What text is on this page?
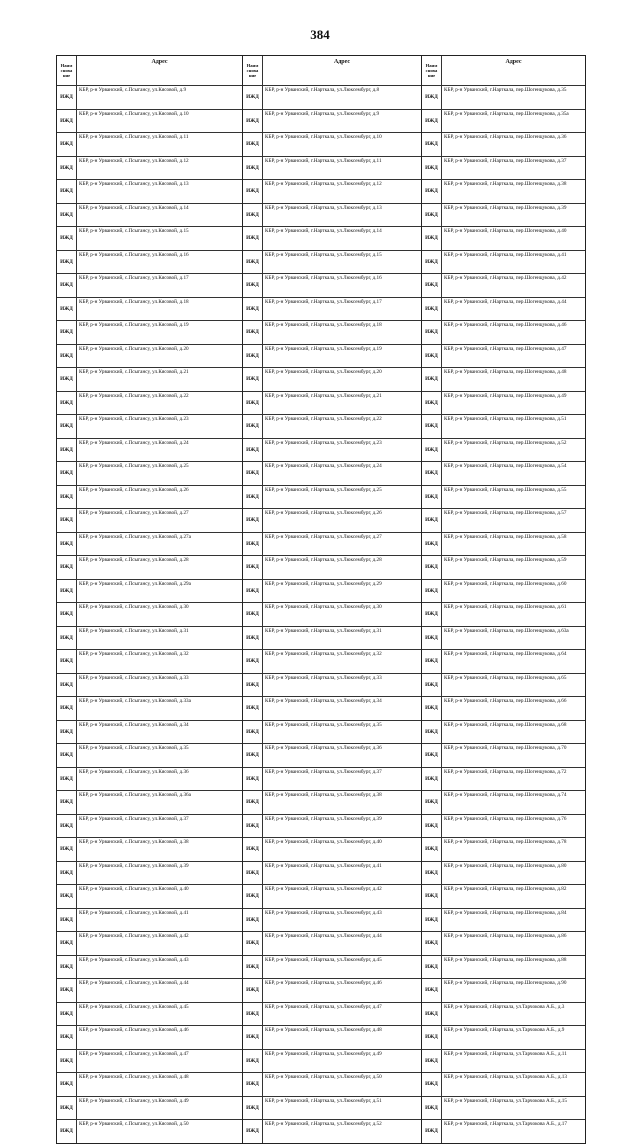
384
Наим снова ние
Адрес
ИЖД
КБР, р-н Урванский, с.Псыгансу, ул.Кясовой, д.9
ИЖД
КБР, р-н Урванский, с.Псыгансу, ул.Кясовой, д.10
ИЖД
КБР, р-н Урванский, с.Псыгансу, ул.Кясовой, д.11
ИЖД
КБР, р-н Урванский, с.Псыгансу, ул.Кясовой, д.12
ИЖД
КБР, р-н Урванский, с.Псыгансу, ул.Кясовой, д.13
ИЖД
КБР, р-н Урванский, с.Псыгансу, ул.Кясовой, д.14
ИЖД
КБР, р-н Урванский, с.Псыгансу, ул.Кясовой, д.15
ИЖД
КБР, р-н Урванский, с.Псыгансу, ул.Кясовой, д.16
ИЖД
КБР, р-н Урванский, с.Псыгансу, ул.Кясовой, д.17
ИЖД
КБР, р-н Урванский, с.Псыгансу, ул.Кясовой, д.18
ИЖД
КБР, р-н Урванский, с.Псыгансу, ул.Кясовой, д.19
ИЖД
КБР, р-н Урванский, с.Псыгансу, ул.Кясовой, д.20
ИЖД
КБР, р-н Урванский, с.Псыгансу, ул.Кясовой, д.21
ИЖД
КБР, р-н Урванский, с.Псыгансу, ул.Кясовой, д.22
ИЖД
КБР, р-н Урванский, с.Псыгансу, ул.Кясовой, д.23
ИЖД
КБР, р-н Урванский, с.Псыгансу, ул.Кясовой, д.24
ИЖД
КБР, р-н Урванский, с.Псыгансу, ул.Кясовой, д.25
ИЖД
КБР, р-н Урванский, с.Псыгансу, ул.Кясовой, д.26
ИЖД
КБР, р-н Урванский, с.Псыгансу, ул.Кясовой, д.27
ИЖД
КБР, р-н Урванский, с.Псыгансу, ул.Кясовой, д.27а
ИЖД
КБР, р-н Урванский, с.Псыгансу, ул.Кясовой, д.28
ИЖД
КБР, р-н Урванский, с.Псыгансу, ул.Кясовой, д.29а
ИЖД
КБР, р-н Урванский, с.Псыгансу, ул.Кясовой, д.30
ИЖД
КБР, р-н Урванский, с.Псыгансу, ул.Кясовой, д.31
ИЖД
КБР, р-н Урванский, с.Псыгансу, ул.Кясовой, д.32
ИЖД
КБР, р-н Урванский, с.Псыгансу, ул.Кясовой, д.33
ИЖД
КБР, р-н Урванский, с.Псыгансу, ул.Кясовой, д.33а
ИЖД
КБР, р-н Урванский, с.Псыгансу, ул.Кясовой, д.34
ИЖД
КБР, р-н Урванский, с.Псыгансу, ул.Кясовой, д.35
ИЖД
КБР, р-н Урванский, с.Псыгансу, ул.Кясовой, д.36
ИЖД
КБР, р-н Урванский, с.Псыгансу, ул.Кясовой, д.36а
ИЖД
КБР, р-н Урванский, с.Псыгансу, ул.Кясовой, д.37
ИЖД
КБР, р-н Урванский, с.Псыгансу, ул.Кясовой, д.38
ИЖД
КБР, р-н Урванский, с.Псыгансу, ул.Кясовой, д.39
ИЖД
КБР, р-н Урванский, с.Псыгансу, ул.Кясовой, д.40
ИЖД
КБР, р-н Урванский, с.Псыгансу, ул.Кясовой, д.41
ИЖД
КБР, р-н Урванский, с.Псыгансу, ул.Кясовой, д.42
ИЖД
КБР, р-н Урванский, с.Псыгансу, ул.Кясовой, д.43
ИЖД
КБР, р-н Урванский, с.Псыгансу, ул.Кясовой, д.44
ИЖД
КБР, р-н Урванский, с.Псыгансу, ул.Кясовой, д.45
ИЖД
КБР, р-н Урванский, с.Псыгансу, ул.Кясовой, д.46
ИЖД
КБР, р-н Урванский, с.Псыгансу, ул.Кясовой, д.47
ИЖД
КБР, р-н Урванский, с.Псыгансу, ул.Кясовой, д.48
ИЖД
КБР, р-н Урванский, с.Псыгансу, ул.Кясовой, д.49
ИЖД
КБР, р-н Урванский, с.Псыгансу, ул.Кясовой, д.50
Наим снова ние
Адрес
ИЖД
КБР, р-н Урванский, г.Нарткала, ул.Люксембург, д.8
ИЖД
КБР, р-н Урванский, г.Нарткала, ул.Люксембург, д.9
ИЖД
КБР, р-н Урванский, г.Нарткала, ул.Люксембург, д.10
ИЖД
КБР, р-н Урванский, г.Нарткала, ул.Люксембург, д.11
ИЖД
КБР, р-н Урванский, г.Нарткала, ул.Люксембург, д.12
ИЖД
КБР, р-н Урванский, г.Нарткала, ул.Люксембург, д.13
ИЖД
КБР, р-н Урванский, г.Нарткала, ул.Люксембург, д.14
ИЖД
КБР, р-н Урванский, г.Нарткала, ул.Люксембург, д.15
ИЖД
КБР, р-н Урванский, г.Нарткала, ул.Люксембург, д.16
ИЖД
КБР, р-н Урванский, г.Нарткала, ул.Люксембург, д.17
ИЖД
КБР, р-н Урванский, г.Нарткала, ул.Люксембург, д.18
ИЖД
КБР, р-н Урванский, г.Нарткала, ул.Люксембург, д.19
ИЖД
КБР, р-н Урванский, г.Нарткала, ул.Люксембург, д.20
ИЖД
КБР, р-н Урванский, г.Нарткала, ул.Люксембург, д.21
ИЖД
КБР, р-н Урванский, г.Нарткала, ул.Люксембург, д.22
ИЖД
КБР, р-н Урванский, г.Нарткала, ул.Люксембург, д.23
ИЖД
КБР, р-н Урванский, г.Нарткала, ул.Люксембург, д.24
ИЖД
КБР, р-н Урванский, г.Нарткала, ул.Люксембург, д.25
ИЖД
КБР, р-н Урванский, г.Нарткала, ул.Люксембург, д.26
ИЖД
КБР, р-н Урванский, г.Нарткала, ул.Люксембург, д.27
ИЖД
КБР, р-н Урванский, г.Нарткала, ул.Люксембург, д.28
ИЖД
КБР, р-н Урванский, г.Нарткала, ул.Люксембург, д.29
ИЖД
КБР, р-н Урванский, г.Нарткала, ул.Люксембург, д.30
ИЖД
КБР, р-н Урванский, г.Нарткала, ул.Люксембург, д.31
ИЖД
КБР, р-н Урванский, г.Нарткала, ул.Люксембург, д.32
ИЖД
КБР, р-н Урванский, г.Нарткала, ул.Люксембург, д.33
ИЖД
КБР, р-н Урванский, г.Нарткала, ул.Люксембург, д.34
ИЖД
КБР, р-н Урванский, г.Нарткала, ул.Люксембург, д.35
ИЖД
КБР, р-н Урванский, г.Нарткала, ул.Люксембург, д.36
ИЖД
КБР, р-н Урванский, г.Нарткала, ул.Люксембург, д.37
ИЖД
КБР, р-н Урванский, г.Нарткала, ул.Люксембург, д.38
ИЖД
КБР, р-н Урванский, г.Нарткала, ул.Люксембург, д.39
ИЖД
КБР, р-н Урванский, г.Нарткала, ул.Люксембург, д.40
ИЖД
КБР, р-н Урванский, г.Нарткала, ул.Люксембург, д.41
ИЖД
КБР, р-н Урванский, г.Нарткала, ул.Люксембург, д.42
ИЖД
КБР, р-н Урванский, г.Нарткала, ул.Люксембург, д.43
ИЖД
КБР, р-н Урванский, г.Нарткала, ул.Люксембург, д.44
ИЖД
КБР, р-н Урванский, г.Нарткала, ул.Люксембург, д.45
ИЖД
КБР, р-н Урванский, г.Нарткала, ул.Люксембург, д.46
ИЖД
КБР, р-н Урванский, г.Нарткала, ул.Люксембург, д.47
ИЖД
КБР, р-н Урванский, г.Нарткала, ул.Люксембург, д.48
ИЖД
КБР, р-н Урванский, г.Нарткала, ул.Люксембург, д.49
ИЖД
КБР, р-н Урванский, г.Нарткала, ул.Люксембург, д.50
ИЖД
КБР, р-н Урванский, г.Нарткала, ул.Люксембург, д.51
ИЖД
КБР, р-н Урванский, г.Нарткала, ул.Люксембург, д.52
Наим снова ние
Адрес
ИЖД
КБР, р-н Урванский, г.Нарткала, пер.Шогенцукова, д.35
ИЖД
КБР, р-н Урванский, г.Нарткала, пер.Шогенцукова, д.35а
ИЖД
КБР, р-н Урванский, г.Нарткала, пер.Шогенцукова, д.36
ИЖД
КБР, р-н Урванский, г.Нарткала, пер.Шогенцукова, д.37
ИЖД
КБР, р-н Урванский, г.Нарткала, пер.Шогенцукова, д.38
ИЖД
КБР, р-н Урванский, г.Нарткала, пер.Шогенцукова, д.39
ИЖД
КБР, р-н Урванский, г.Нарткала, пер.Шогенцукова, д.40
ИЖД
КБР, р-н Урванский, г.Нарткала, пер.Шогенцукова, д.41
ИЖД
КБР, р-н Урванский, г.Нарткала, пер.Шогенцукова, д.42
ИЖД
КБР, р-н Урванский, г.Нарткала, пер.Шогенцукова, д.44
ИЖД
КБР, р-н Урванский, г.Нарткала, пер.Шогенцукова, д.46
ИЖД
КБР, р-н Урванский, г.Нарткала, пер.Шогенцукова, д.47
ИЖД
КБР, р-н Урванский, г.Нарткала, пер.Шогенцукова, д.48
ИЖД
КБР, р-н Урванский, г.Нарткала, пер.Шогенцукова, д.49
ИЖД
КБР, р-н Урванский, г.Нарткала, пер.Шогенцукова, д.51
ИЖД
КБР, р-н Урванский, г.Нарткала, пер.Шогенцукова, д.52
ИЖД
КБР, р-н Урванский, г.Нарткала, пер.Шогенцукова, д.54
ИЖД
КБР, р-н Урванский, г.Нарткала, пер.Шогенцукова, д.55
ИЖД
КБР, р-н Урванский, г.Нарткала, пер.Шогенцукова, д.57
ИЖД
КБР, р-н Урванский, г.Нарткала, пер.Шогенцукова, д.58
ИЖД
КБР, р-н Урванский, г.Нарткала, пер.Шогенцукова, д.59
ИЖД
КБР, р-н Урванский, г.Нарткала, пер.Шогенцукова, д.60
ИЖД
КБР, р-н Урванский, г.Нарткала, пер.Шогенцукова, д.61
ИЖД
КБР, р-н Урванский, г.Нарткала, пер.Шогенцукова, д.63а
ИЖД
КБР, р-н Урванский, г.Нарткала, пер.Шогенцукова, д.64
ИЖД
КБР, р-н Урванский, г.Нарткала, пер.Шогенцукова, д.65
ИЖД
КБР, р-н Урванский, г.Нарткала, пер.Шогенцукова, д.66
ИЖД
КБР, р-н Урванский, г.Нарткала, пер.Шогенцукова, д.68
ИЖД
КБР, р-н Урванский, г.Нарткала, пер.Шогенцукова, д.70
ИЖД
КБР, р-н Урванский, г.Нарткала, пер.Шогенцукова, д.72
ИЖД
КБР, р-н Урванский, г.Нарткала, пер.Шогенцукова, д.74
ИЖД
КБР, р-н Урванский, г.Нарткала, пер.Шогенцукова, д.76
ИЖД
КБР, р-н Урванский, г.Нарткала, пер.Шогенцукова, д.78
ИЖД
КБР, р-н Урванский, г.Нарткала, пер.Шогенцукова, д.80
ИЖД
КБР, р-н Урванский, г.Нарткала, пер.Шогенцукова, д.82
ИЖД
КБР, р-н Урванский, г.Нарткала, пер.Шогенцукова, д.84
ИЖД
КБР, р-н Урванский, г.Нарткала, пер.Шогенцукова, д.86
ИЖД
КБР, р-н Урванский, г.Нарткала, пер.Шогенцукова, д.88
ИЖД
КБР, р-н Урванский, г.Нарткала, пер.Шогенцукова, д.90
ИЖД
КБР, р-н Урванский, г.Нарткала, ул.Тарчокова А.Б., д.3
ИЖД
КБР, р-н Урванский, г.Нарткала, ул.Тарчокова А.Б., д.9
ИЖД
КБР, р-н Урванский, г.Нарткала, ул.Тарчокова А.Б., д.11
ИЖД
КБР, р-н Урванский, г.Нарткала, ул.Тарчокова А.Б., д.13
ИЖД
КБР, р-н Урванский, г.Нарткала, ул.Тарчокова А.Б., д.15
ИЖД
КБР, р-н Урванский, г.Нарткала, ул.Тарчокова А.Б., д.17
